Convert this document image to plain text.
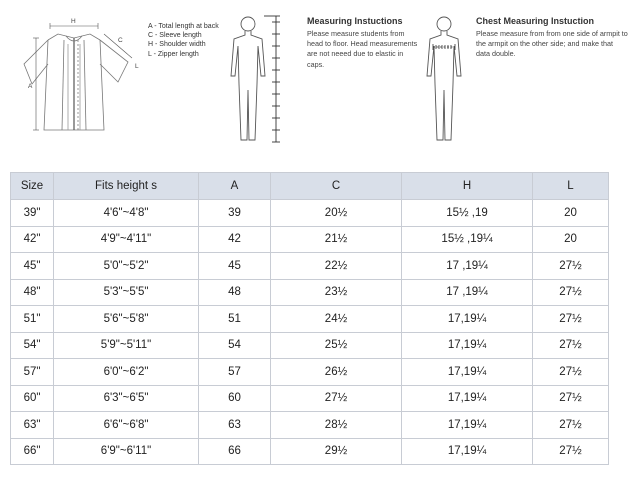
H
C
L
A
A - Total length at back
C - Sleeve length
H - Shoulder width
L - Zipper length
Measuring Instuctions
Please measure students from head to floor. Head measurements are not neeed due to elastic in caps.
Chest Measuring Instuction
Please measure from from one side of armpit to the armpit on the other side; and make that data double.
Size	Fits height s	A	C	H	L
39"	4'6"~4'8"	39	20½	15½ ,19	20
42"	4'9"~4'11"	42	21½	15½ ,19¼	20
45"	5'0"~5'2"	45	22½	17 ,19¼	27½
48"	5'3"~5'5"	48	23½	17 ,19¼	27½
51"	5'6"~5'8"	51	24½	17,19¼	27½
54"	5'9"~5'11"	54	25½	17,19¼	27½
57"	6'0"~6'2"	57	26½	17,19¼	27½
60"	6'3"~6'5"	60	27½	17,19¼	27½
63"	6'6"~6'8"	63	28½	17,19¼	27½
66"	6'9"~6'11"	66	29½	17,19¼	27½
